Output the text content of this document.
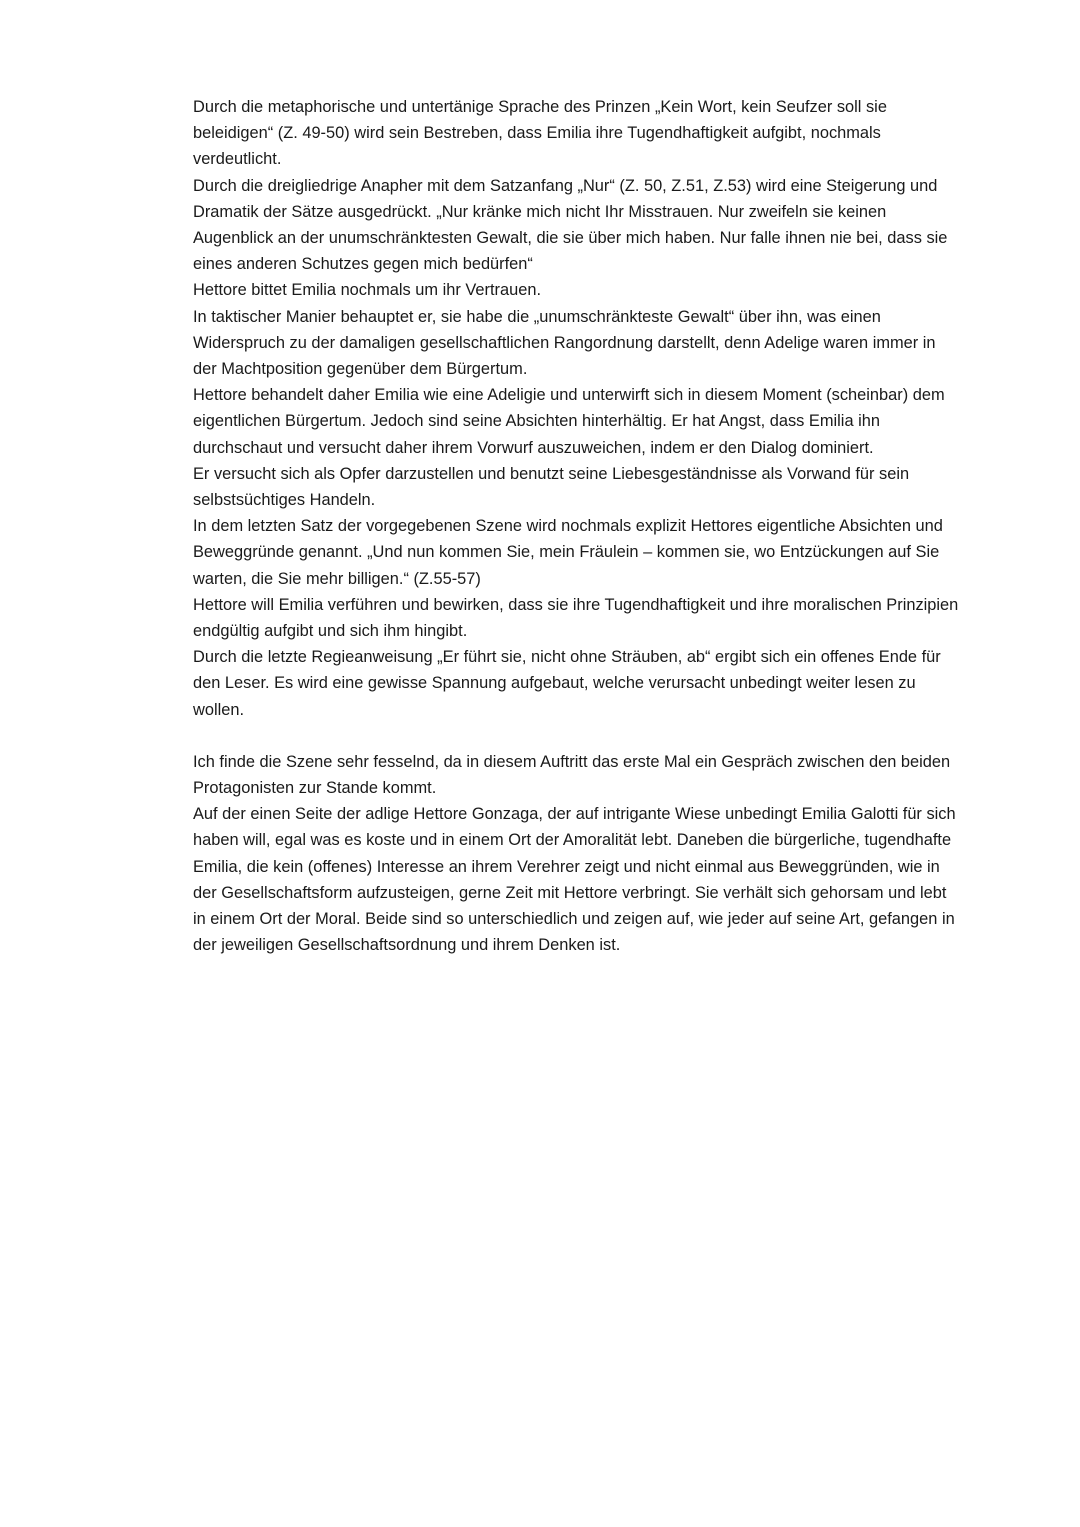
Durch die metaphorische und untertänige Sprache des Prinzen „Kein Wort, kein Seufzer soll sie beleidigen“ (Z. 49-50) wird sein Bestreben, dass Emilia ihre Tugendhaftigkeit aufgibt, nochmals verdeutlicht.

Durch die dreigliedrige Anapher mit dem Satzanfang „Nur“ (Z. 50, Z.51, Z.53) wird eine Steigerung und Dramatik der Sätze ausgedrückt. „Nur kränke mich nicht Ihr Misstrauen. Nur zweifeln sie keinen Augenblick an der unumschränktesten Gewalt, die sie über mich haben. Nur falle ihnen nie bei, dass sie eines anderen Schutzes gegen mich bedürfen“

Hettore bittet Emilia nochmals um ihr Vertrauen.

In taktischer Manier behauptet er, sie habe die „unumschränkteste Gewalt“ über ihn, was einen Widerspruch zu der damaligen gesellschaftlichen Rangordnung darstellt, denn Adelige waren immer in der Machtposition gegenüber dem Bürgertum.

Hettore behandelt daher Emilia wie eine Adeligie und unterwirft sich in diesem Moment (scheinbar) dem eigentlichen Bürgertum. Jedoch sind seine Absichten hinterhältig. Er hat Angst, dass Emilia ihn durchschaut und versucht daher ihrem Vorwurf auszuweichen, indem er den Dialog dominiert.

Er versucht sich als Opfer darzustellen und benutzt seine Liebesgeständnisse als Vorwand für sein selbstsüchtiges Handeln.

In dem letzten Satz der vorgegebenen Szene wird nochmals explizit Hettores eigentliche Absichten und Beweggründe genannt. „Und nun kommen Sie, mein Fräulein – kommen sie, wo Entzückungen auf Sie warten, die Sie mehr billigen.“ (Z.55-57)

Hettore will Emilia verführen und bewirken, dass sie ihre Tugendhaftigkeit und ihre moralischen Prinzipien endgültig aufgibt und sich ihm hingibt.

Durch die letzte Regieanweisung „Er führt sie, nicht ohne Sträuben, ab“ ergibt sich ein offenes Ende für den Leser. Es wird eine gewisse Spannung aufgebaut, welche verursacht unbedingt weiter lesen zu wollen.

Ich finde die Szene sehr fesselnd, da in diesem Auftritt das erste Mal ein Gespräch zwischen den beiden Protagonisten zur Stande kommt.

Auf der einen Seite der adlige Hettore Gonzaga, der auf intrigante Wiese unbedingt Emilia Galotti für sich haben will, egal was es koste und in einem Ort der Amoralität lebt. Daneben die bürgerliche, tugendhafte Emilia, die kein (offenes) Interesse an ihrem Verehrer zeigt und nicht einmal aus Beweggründen, wie in der Gesellschaftsform aufzusteigen, gerne Zeit mit Hettore verbringt. Sie verhält sich gehorsam und lebt in einem Ort der Moral. Beide sind so unterschiedlich und zeigen auf, wie jeder auf seine Art, gefangen in der jeweiligen Gesellschaftsordnung und ihrem Denken ist.
